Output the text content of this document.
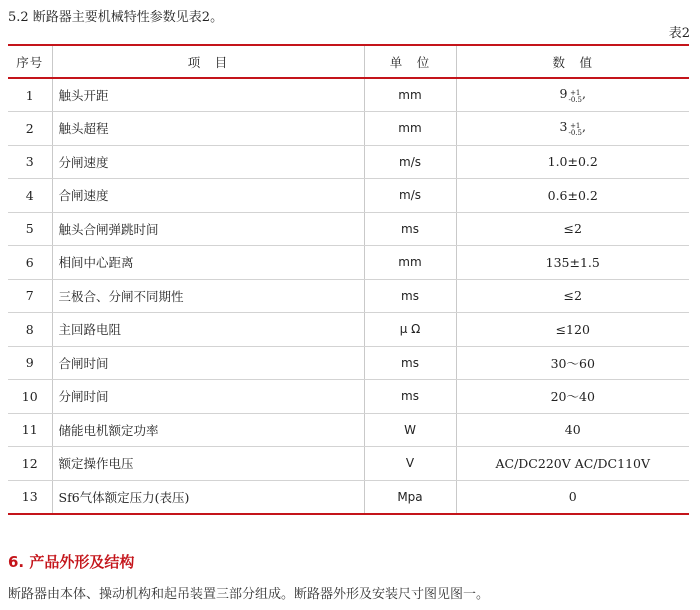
5.2 断路器主要机械特性参数见表2。
表2
序号	项　目	单　位	数　值
1	触头开距	mm	9 +1
-0.5 ,
2	触头超程	mm	3 +1
-0.5 ,
3	分闸速度	m/s	1.0±0.2
4	合闸速度	m/s	0.6±0.2
5	触头合闸弹跳时间	ms	≤2
6	相间中心距离	mm	135±1.5
7	三极合、分闸不同期性	ms	≤2
8	主回路电阻	μ Ω	≤120
9	合闸时间	ms	30～60
10	分闸时间	ms	20～40
11	储能电机额定功率	W	40
12	额定操作电压	V	AC/DC220V AC/DC110V
13	Sf6气体额定压力(表压)	Mpa	0
6. 产品外形及结构
断路器由本体、操动机构和起吊装置三部分组成。断路器外形及安装尺寸图见图一。
